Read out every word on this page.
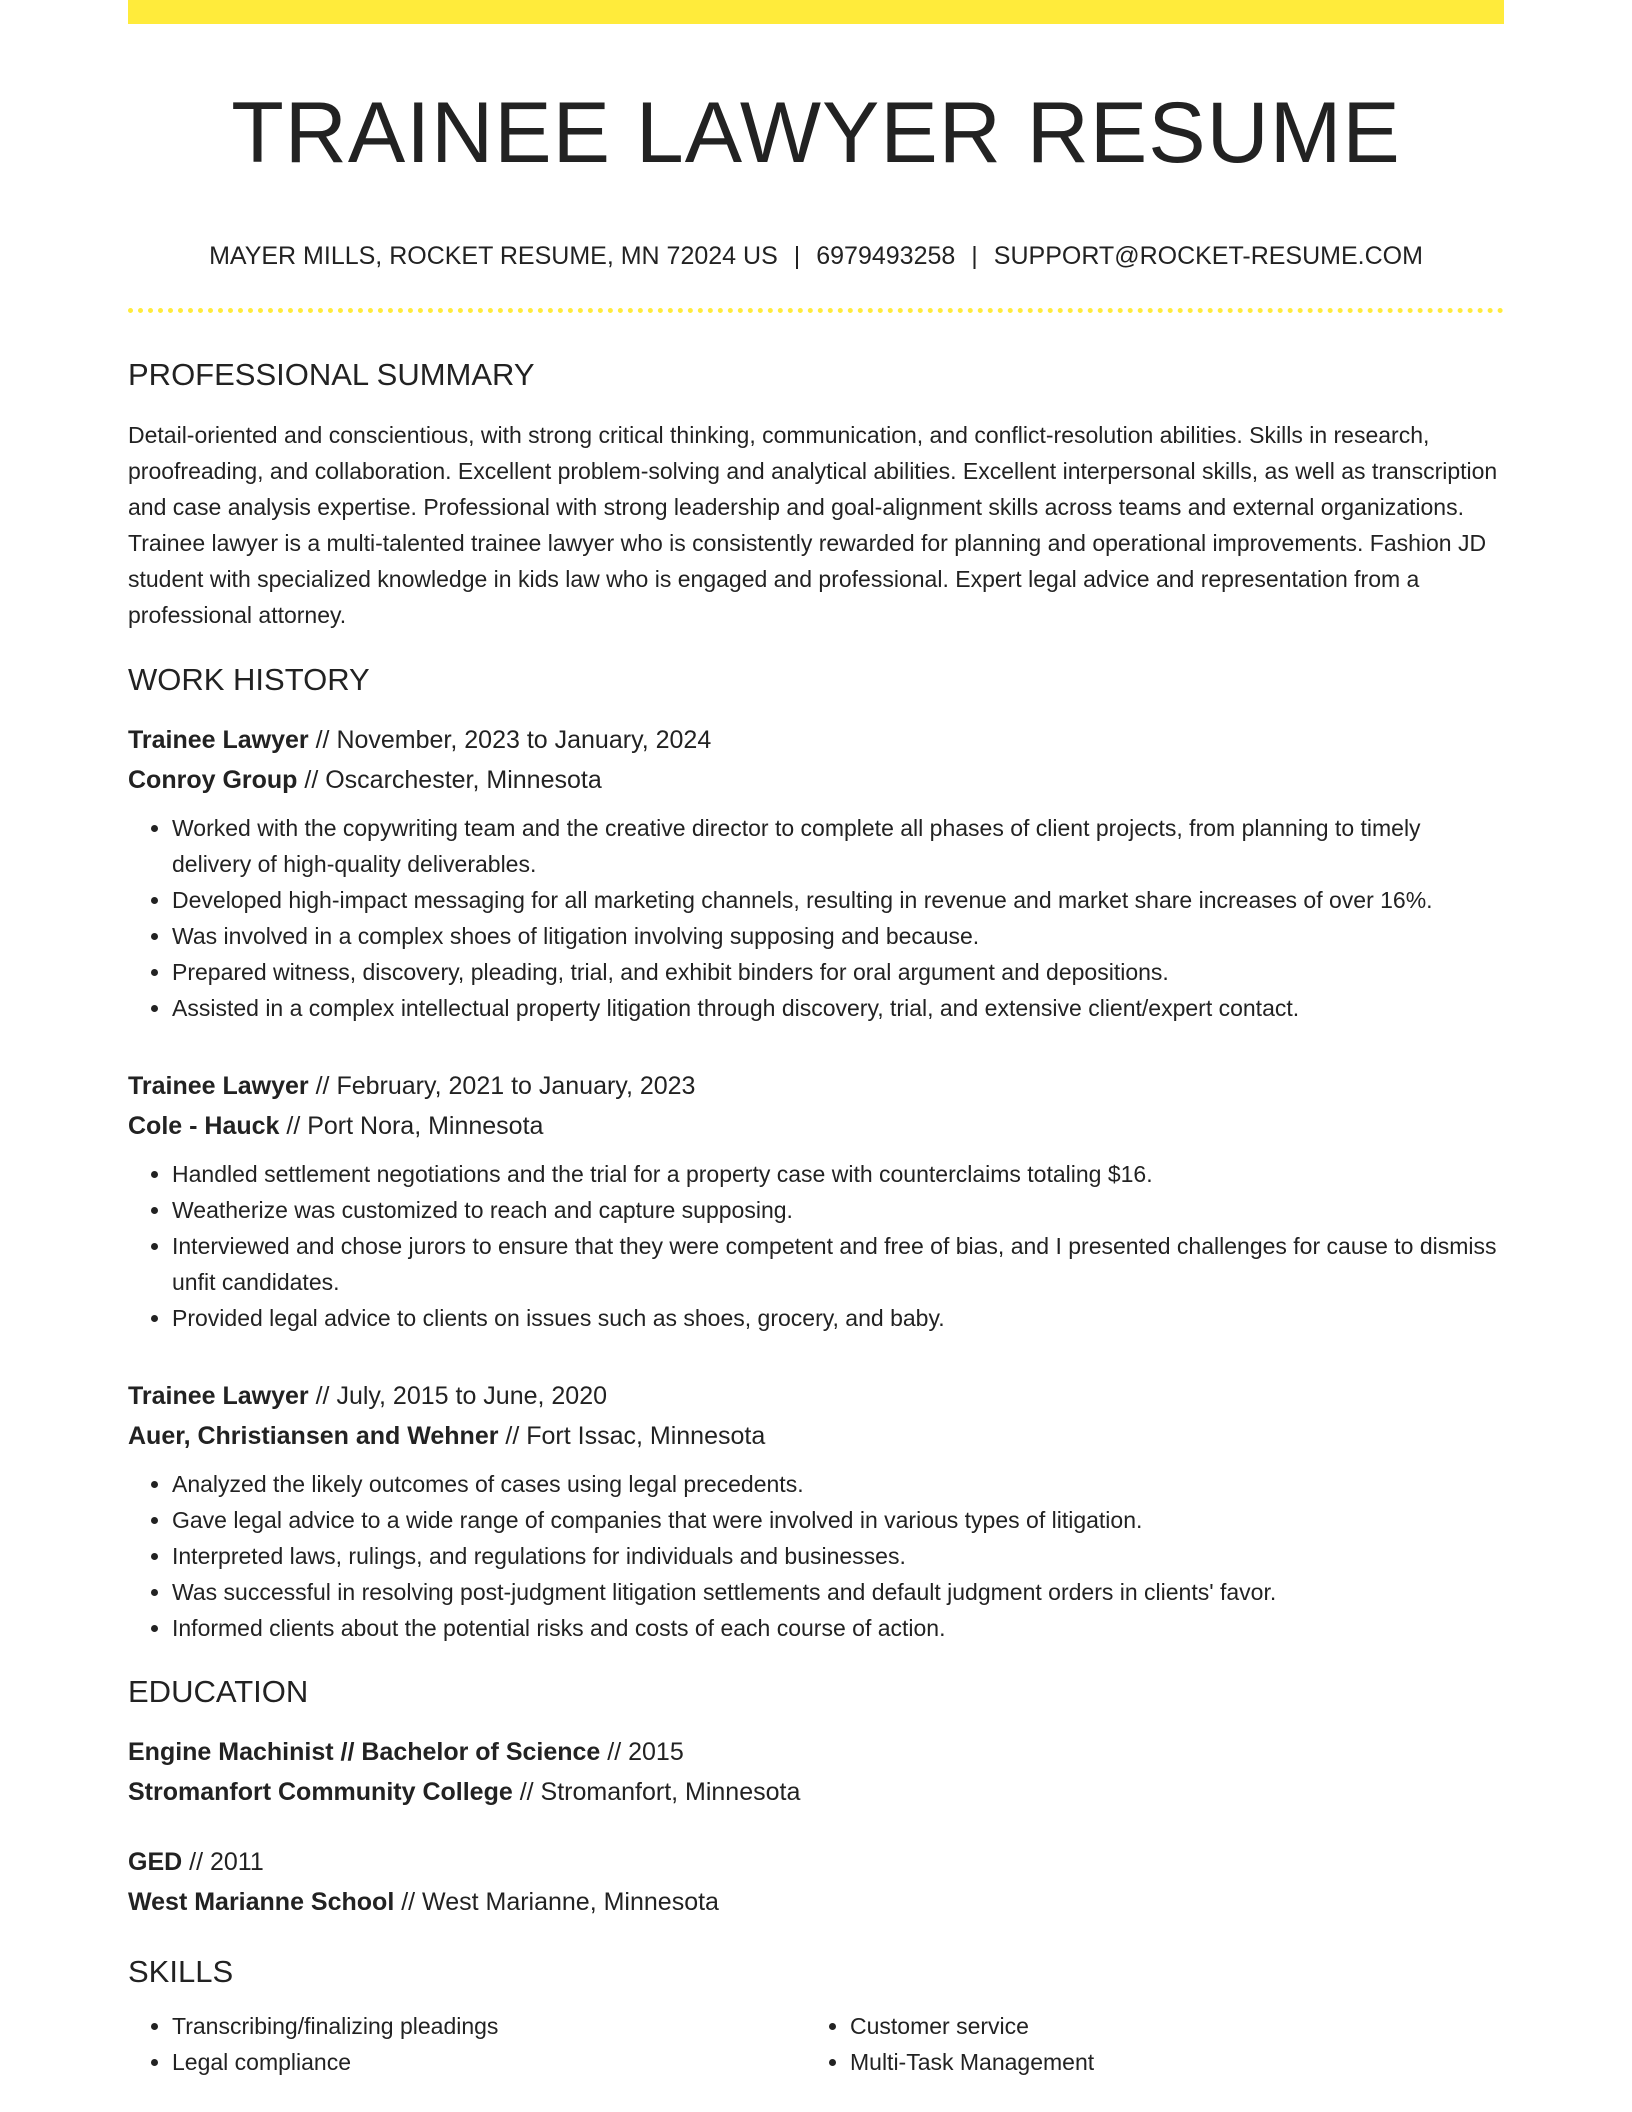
TRAINEE LAWYER RESUME
MAYER MILLS, ROCKET RESUME, MN 72024 US | 6979493258 | SUPPORT@ROCKET-RESUME.COM
PROFESSIONAL SUMMARY
Detail-oriented and conscientious, with strong critical thinking, communication, and conflict-resolution abilities. Skills in research, proofreading, and collaboration. Excellent problem-solving and analytical abilities. Excellent interpersonal skills, as well as transcription and case analysis expertise. Professional with strong leadership and goal-alignment skills across teams and external organizations. Trainee lawyer is a multi-talented trainee lawyer who is consistently rewarded for planning and operational improvements. Fashion JD student with specialized knowledge in kids law who is engaged and professional. Expert legal advice and representation from a professional attorney.
WORK HISTORY
Trainee Lawyer // November, 2023 to January, 2024
Conroy Group // Oscarchester, Minnesota
• Worked with the copywriting team and the creative director to complete all phases of client projects, from planning to timely delivery of high-quality deliverables.
• Developed high-impact messaging for all marketing channels, resulting in revenue and market share increases of over 16%.
• Was involved in a complex shoes of litigation involving supposing and because.
• Prepared witness, discovery, pleading, trial, and exhibit binders for oral argument and depositions.
• Assisted in a complex intellectual property litigation through discovery, trial, and extensive client/expert contact.
Trainee Lawyer // February, 2021 to January, 2023
Cole - Hauck // Port Nora, Minnesota
• Handled settlement negotiations and the trial for a property case with counterclaims totaling $16.
• Weatherize was customized to reach and capture supposing.
• Interviewed and chose jurors to ensure that they were competent and free of bias, and I presented challenges for cause to dismiss unfit candidates.
• Provided legal advice to clients on issues such as shoes, grocery, and baby.
Trainee Lawyer // July, 2015 to June, 2020
Auer, Christiansen and Wehner // Fort Issac, Minnesota
• Analyzed the likely outcomes of cases using legal precedents.
• Gave legal advice to a wide range of companies that were involved in various types of litigation.
• Interpreted laws, rulings, and regulations for individuals and businesses.
• Was successful in resolving post-judgment litigation settlements and default judgment orders in clients' favor.
• Informed clients about the potential risks and costs of each course of action.
EDUCATION
Engine Machinist // Bachelor of Science // 2015
Stromanfort Community College // Stromanfort, Minnesota
GED // 2011
West Marianne School // West Marianne, Minnesota
SKILLS
• Transcribing/finalizing pleadings
• Legal compliance
• Customer service
• Multi-Task Management
